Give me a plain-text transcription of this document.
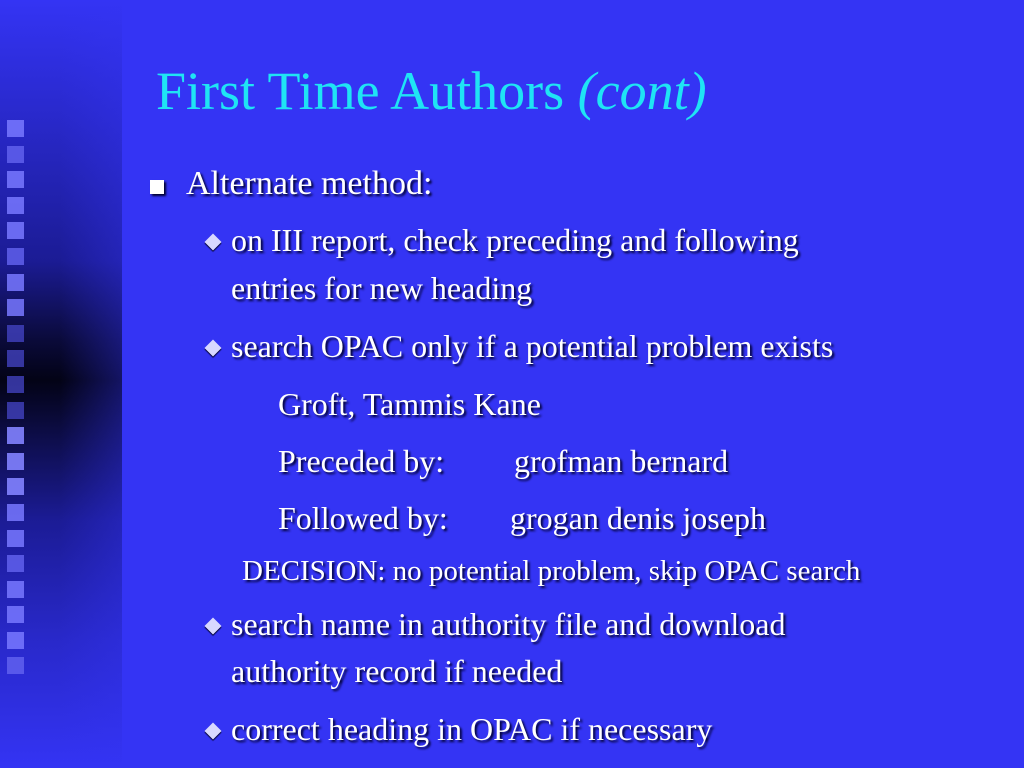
First Time Authors (cont)
Alternate method:
on III report, check preceding and following
entries for new heading
search OPAC only if a potential problem exists
Groft, Tammis Kane
Preceded by: grofman bernard
Followed by: grogan denis joseph
DECISION: no potential problem, skip OPAC search
search name in authority file and download
authority record if needed
correct heading in OPAC if necessary
